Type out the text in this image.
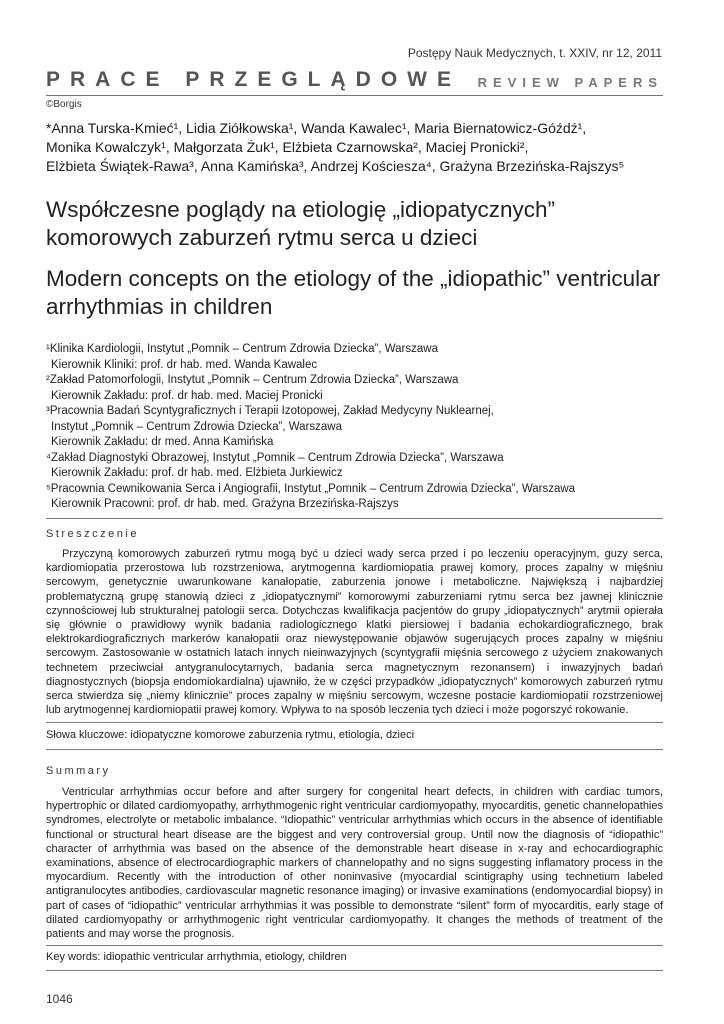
Postępy Nauk Medycznych, t. XXIV, nr 12, 2011
PRACE PRZEGLĄDOWE REVIEW PAPERS
©Borgis
*Anna Turska-Kmieć¹, Lidia Ziółkowska¹, Wanda Kawalec¹, Maria Biernatowicz-Góźdź¹,
Monika Kowalczyk¹, Małgorzata Żuk¹, Elżbieta Czarnowska², Maciej Pronicki²,
Elżbieta Świątek-Rawa³, Anna Kamińska³, Andrzej Kościesza⁴, Grażyna Brzezińska-Rajszys⁵
Współczesne poglądy na etiologię „idiopatycznych” komorowych zaburzeń rytmu serca u dzieci
Modern concepts on the etiology of the „idiopathic” ventricular arrhythmias in children
¹Klinika Kardiologii, Instytut „Pomnik – Centrum Zdrowia Dziecka”, Warszawa
Kierownik Kliniki: prof. dr hab. med. Wanda Kawalec
²Zakład Patomorfologii, Instytut „Pomnik – Centrum Zdrowia Dziecka”, Warszawa
Kierownik Zakładu: prof. dr hab. med. Maciej Pronicki
³Pracownia Badań Scyntygraficznych i Terapii Izotopowej, Zakład Medycyny Nuklearnej,
Instytut „Pomnik – Centrum Zdrowia Dziecka”, Warszawa
Kierownik Zakładu: dr med. Anna Kamińska
⁴Zakład Diagnostyki Obrazowej, Instytut „Pomnik – Centrum Zdrowia Dziecka”, Warszawa
Kierownik Zakładu: prof. dr hab. med. Elżbieta Jurkiewicz
⁵Pracownia Cewnikowania Serca i Angiografii, Instytut „Pomnik – Centrum Zdrowia Dziecka”, Warszawa
Kierownik Pracowni: prof. dr hab. med. Grażyna Brzezińska-Rajszys
Streszczenie
Przyczyną komorowych zaburzeń rytmu mogą być u dzieci wady serca przed i po leczeniu operacyjnym, guzy serca, kardiomiopatia przerostowa lub rozstrzeniowa, arytmogenna kardiomiopatia prawej komory, proces zapalny w mięśniu sercowym, genetycznie uwarunkowane kanałopatie, zaburzenia jonowe i metaboliczne. Największą i najbardziej problematyczną grupę stanowią dzieci z „idiopatycznymi” komorowymi zaburzeniami rytmu serca bez jawnej klinicznie czynnościowej lub strukturalnej patologii serca. Dotychczas kwalifikacja pacjentów do grupy „idiopatycznych” arytmii opierała się głównie o prawidłowy wynik badania radiologicznego klatki piersiowej i badania echokardiograficznego, brak elektrokardiograficznych markerów kanałopatii oraz niewystępowanie objawów sugerujących proces zapalny w mięśniu sercowym. Zastosowanie w ostatnich latach innych nieinwazyjnych (scyntygrafii mięśnia sercowego z użyciem znakowanych technetem przeciwciał antygranulocytarnych, badania serca magnetycznym rezonansem) i inwazyjnych badań diagnostycznych (biopsja endomiokardialna) ujawniło, że w części przypadków „idiopatycznych” komorowych zaburzeń rytmu serca stwierdza się „niemy klinicznie” proces zapalny w mięśniu sercowym, wczesne postacie kardiomiopatii rozstrzeniowej lub arytmogennej kardiomiopatii prawej komory. Wpływa to na sposób leczenia tych dzieci i może pogorszyć rokowanie.
Słowa kluczowe: idiopatyczne komorowe zaburzenia rytmu, etiologia, dzieci
Summary
Ventricular arrhythmias occur before and after surgery for congenital heart defects, in children with cardiac tumors, hypertrophic or dilated cardiomyopathy, arrhythmogenic right ventricular cardiomyopathy, myocarditis, genetic channelopathies syndromes, electrolyte or metabolic imbalance. “Idiopathic” ventricular arrhythmias which occurs in the absence of identifiable functional or structural heart disease are the biggest and very controversial group. Until now the diagnosis of “idiopathic” character of arrhythmia was based on the absence of the demonstrable heart disease in x-ray and echocardiographic examinations, absence of electrocardiographic markers of channelopathy and no signs suggesting inflamatory process in the myocardium. Recently with the introduction of other noninvasive (myocardial scintigraphy using technetium labeled antigranulocytes antibodies, cardiovascular magnetic resonance imaging) or invasive examinations (endomyocardial biopsy) in part of cases of “idiopathic” ventricular arrhythmias it was possible to demonstrate “silent” form of myocarditis, early stage of dilated cardiomyopathy or arrhythmogenic right ventricular cardiomyopathy. It changes the methods of treatment of the patients and may worse the prognosis.
Key words: idiopathic ventricular arrhythmia, etiology, children
1046
